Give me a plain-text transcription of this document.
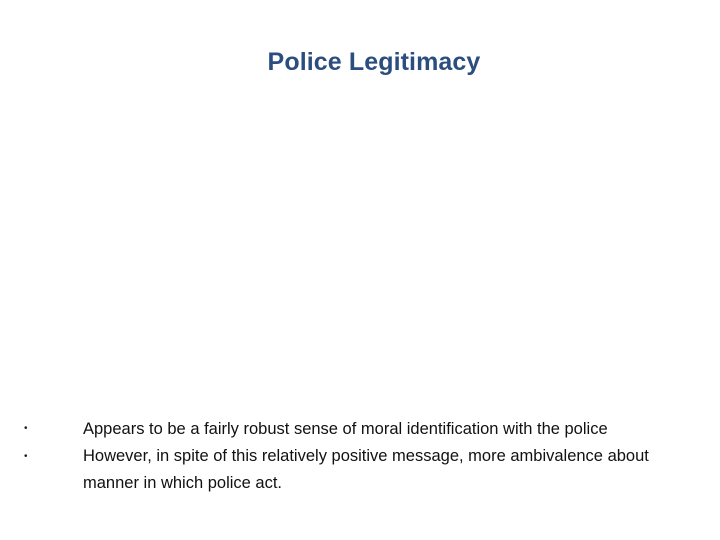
Police Legitimacy
•	Appears to be a fairly robust sense of moral identification with the police
•	However, in spite of this relatively positive message, more ambivalence about manner in which police act.
